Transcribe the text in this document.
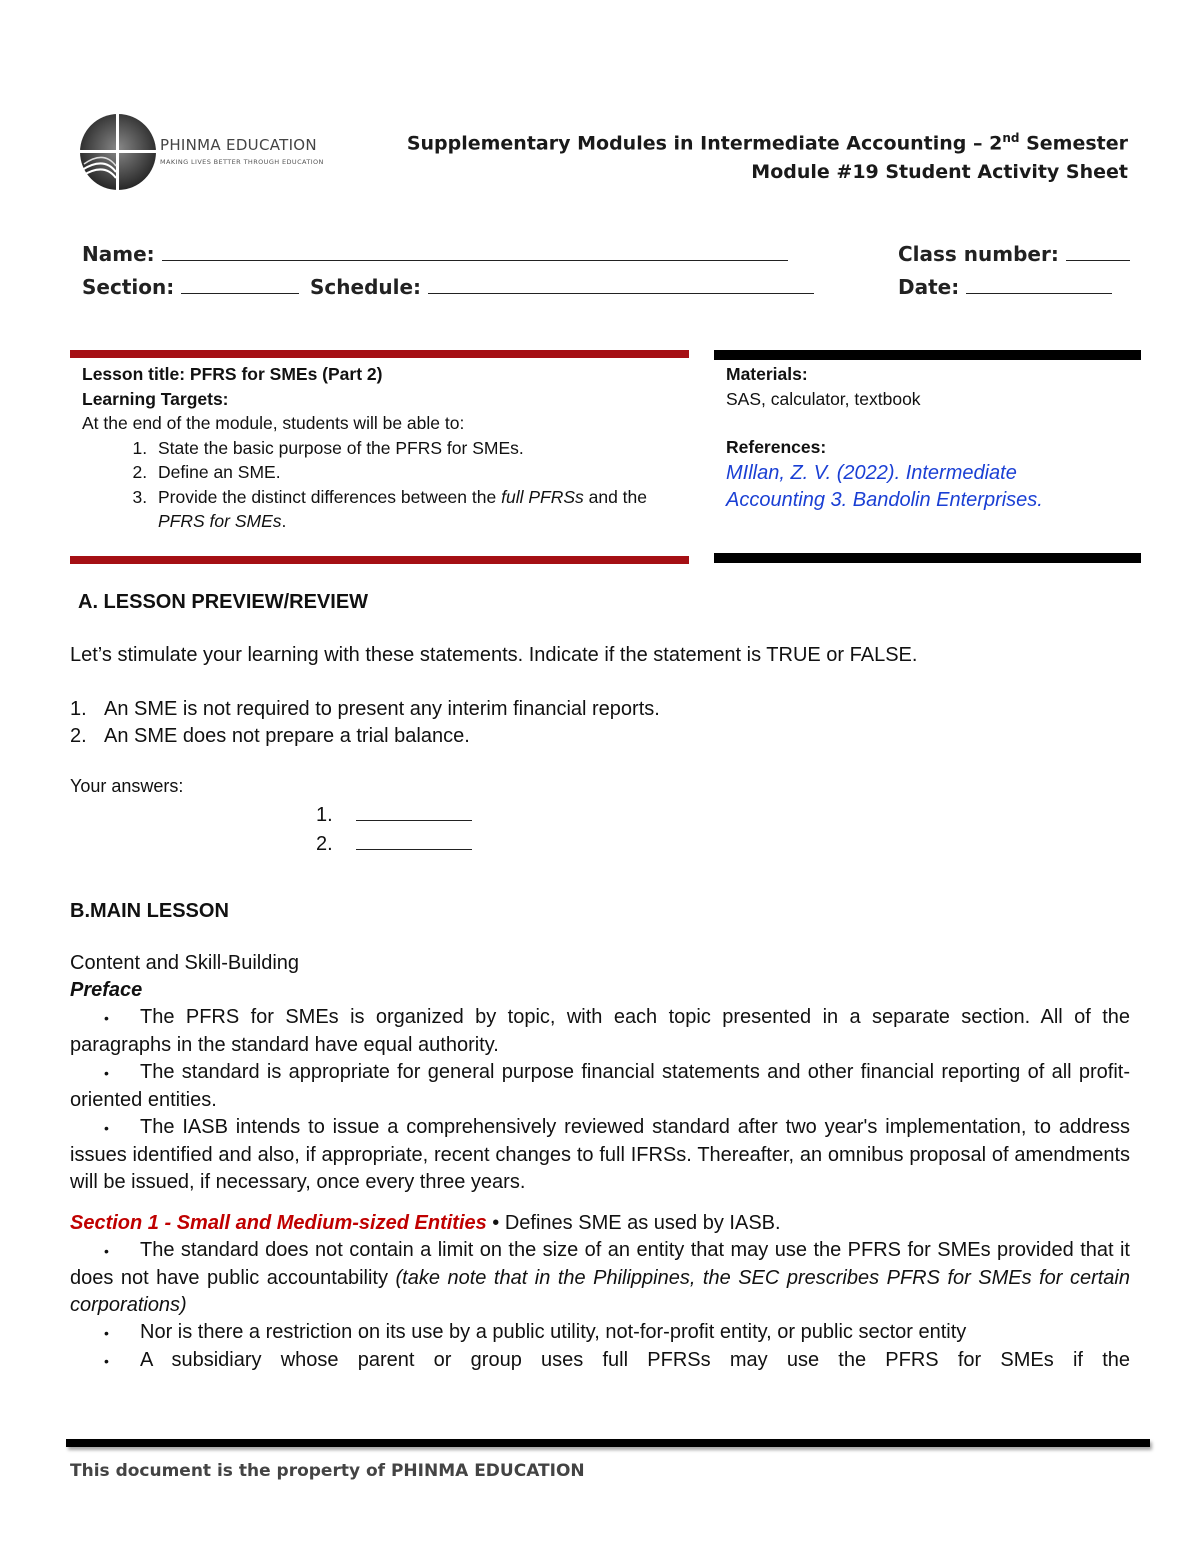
PHINMA EDUCATION
MAKING LIVES BETTER THROUGH EDUCATION
Supplementary Modules in Intermediate Accounting – 2nd Semester
Module #19 Student Activity Sheet
Name:	Class number:
Section:	Schedule:	Date:
Lesson title: PFRS for SMEs (Part 2)
Learning Targets:
At the end of the module, students will be able to:
1. State the basic purpose of the PFRS for SMEs.
2. Define an SME.
3. Provide the distinct differences between the full PFRSs and the PFRS for SMEs.
Materials:
SAS, calculator, textbook
References:
MIllan, Z. V. (2022). Intermediate
Accounting 3. Bandolin Enterprises.
A. LESSON PREVIEW/REVIEW
Let’s stimulate your learning with these statements. Indicate if the statement is TRUE or FALSE.
1. An SME is not required to present any interim financial reports.
2. An SME does not prepare a trial balance.
Your answers:
1.
2.
B.MAIN LESSON
Content and Skill-Building
Preface
• The PFRS for SMEs is organized by topic, with each topic presented in a separate section. All of the paragraphs in the standard have equal authority.
• The standard is appropriate for general purpose financial statements and other financial reporting of all profit-oriented entities.
• The IASB intends to issue a comprehensively reviewed standard after two year's implementation, to address issues identified and also, if appropriate, recent changes to full IFRSs. Thereafter, an omnibus proposal of amendments will be issued, if necessary, once every three years.
Section 1 - Small and Medium-sized Entities • Defines SME as used by IASB.
• The standard does not contain a limit on the size of an entity that may use the PFRS for SMEs provided that it does not have public accountability (take note that in the Philippines, the SEC prescribes PFRS for SMEs for certain corporations)
• Nor is there a restriction on its use by a public utility, not-for-profit entity, or public sector entity
• A subsidiary whose parent or group uses full PFRSs may use the PFRS for SMEs if the
This document is the property of PHINMA EDUCATION
